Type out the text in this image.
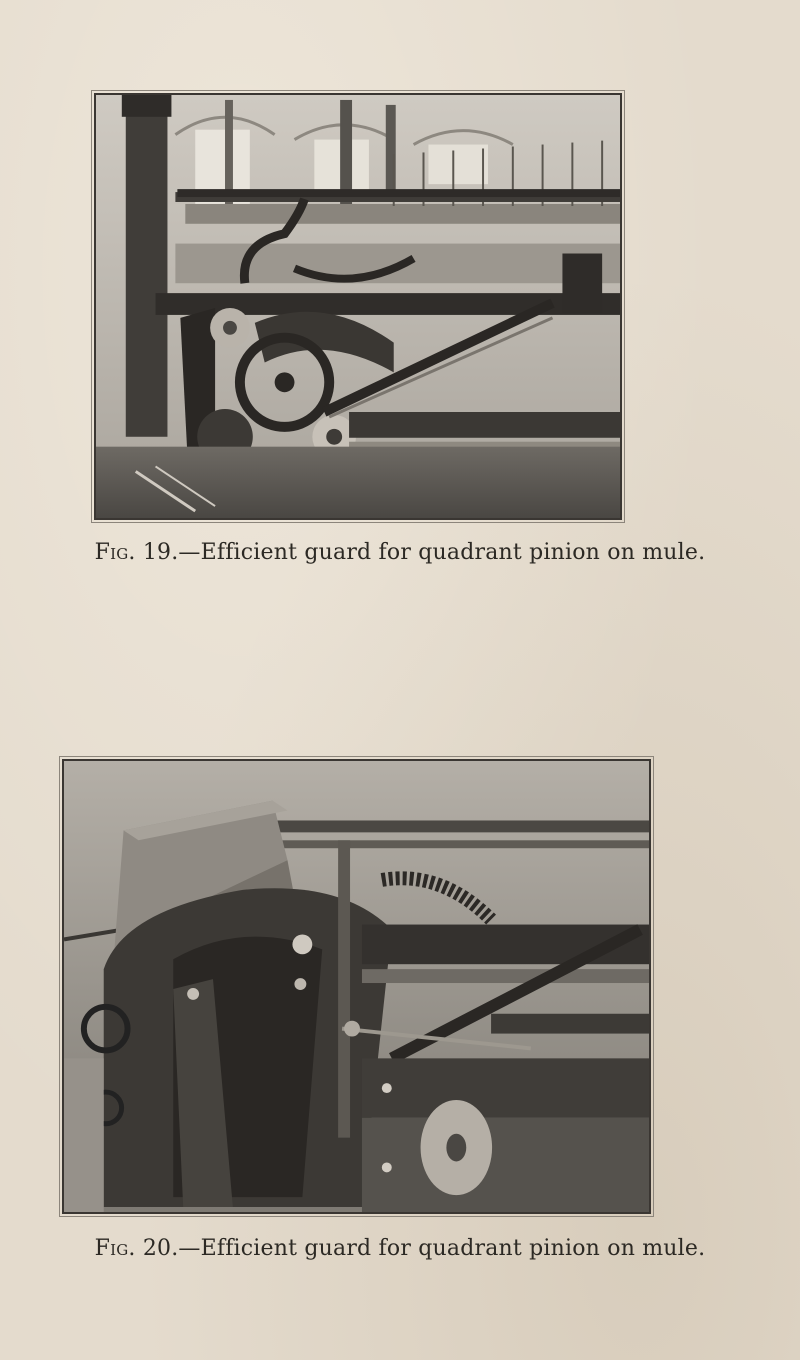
Fig. 19.—Efficient guard for quadrant pinion on mule.
Fig. 20.—Efficient guard for quadrant pinion on mule.
